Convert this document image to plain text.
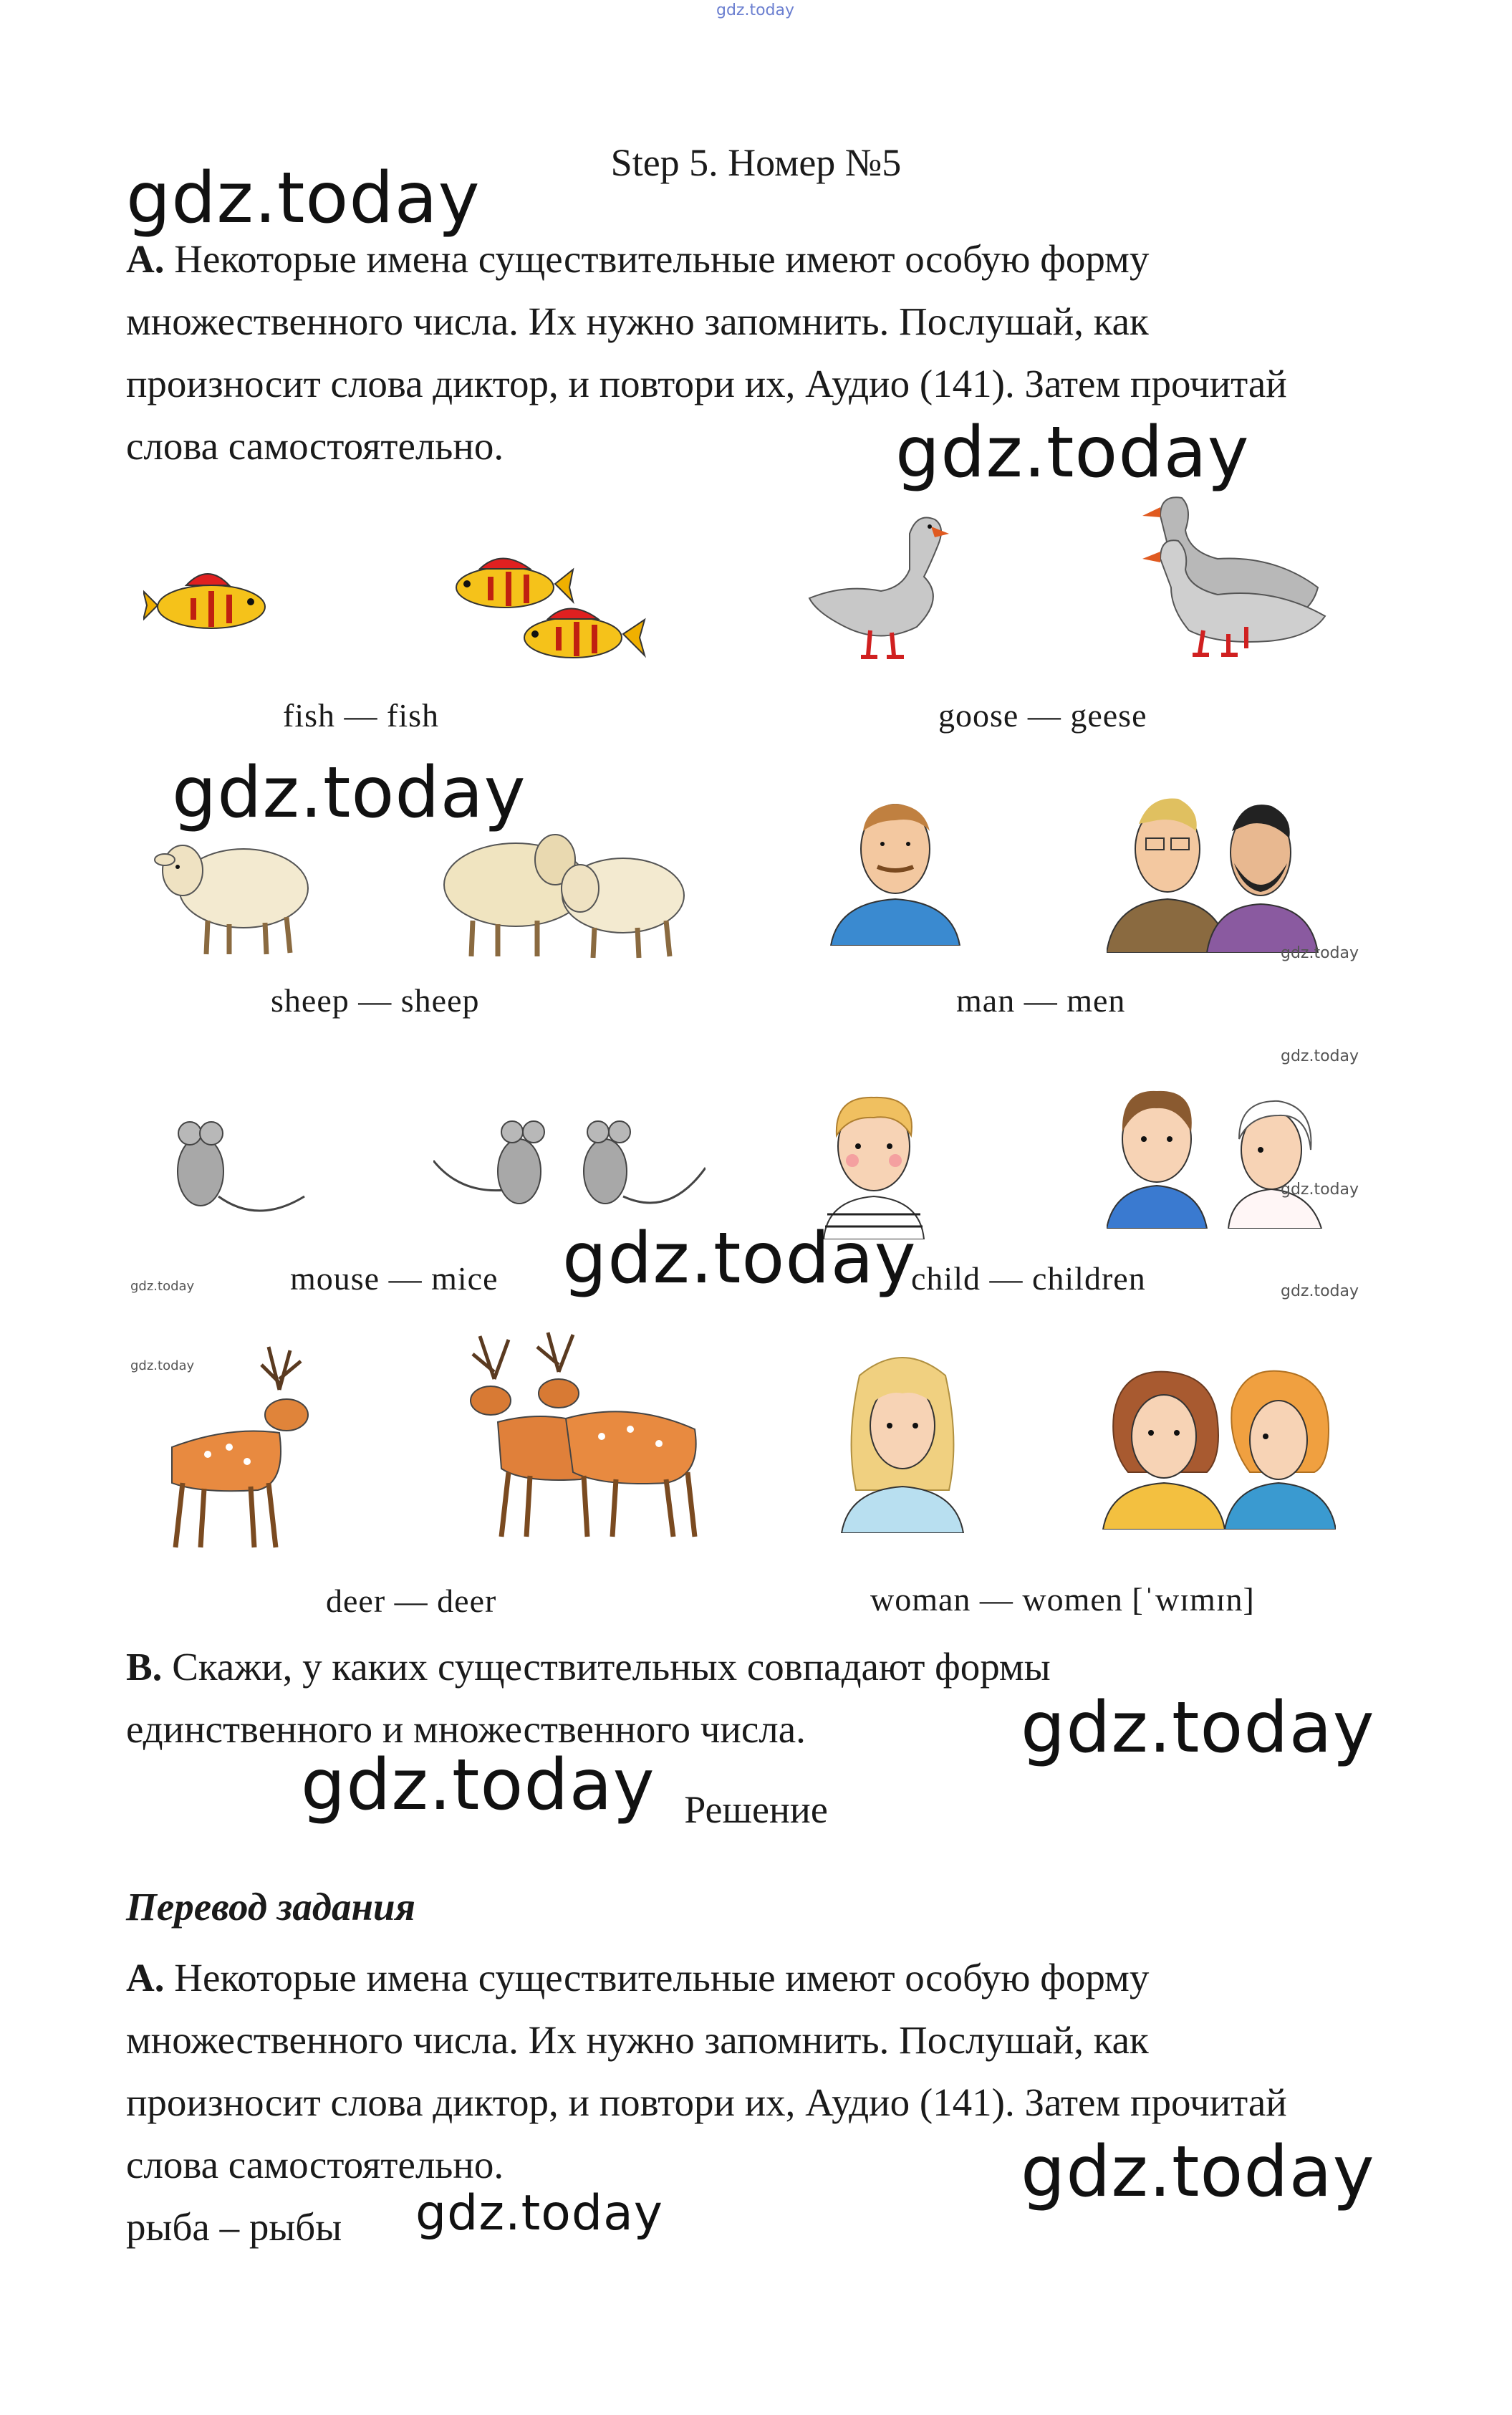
gdz.today
Step 5. Номер №5
A. Некоторые имена существительные имеют особую форму
множественного числа. Их нужно запомнить. Послушай, как
произносит слова диктор, и повтори их, Аудио (141). Затем прочитай
слова самостоятельно.
fish — fish	goose — geese
sheep — sheep	man — men
mouse — mice	child — children
deer — deer	woman — women [ˈwɪmɪn]
B. Скажи, у каких существительных совпадают формы
единственного и множественного числа.
Решение
Перевод задания
A. Некоторые имена существительные имеют особую форму
множественного числа. Их нужно запомнить. Послушай, как
произносит слова диктор, и повтори их, Аудио (141). Затем прочитай
слова самостоятельно.
рыба – рыбы
gdz.today
gdz.today
gdz.today
gdz.today
gdz.today
gdz.today
gdz.today
gdz.today
gdz.today
gdz.today
gdz.today
gdz.today
gdz.today
gdz.today
